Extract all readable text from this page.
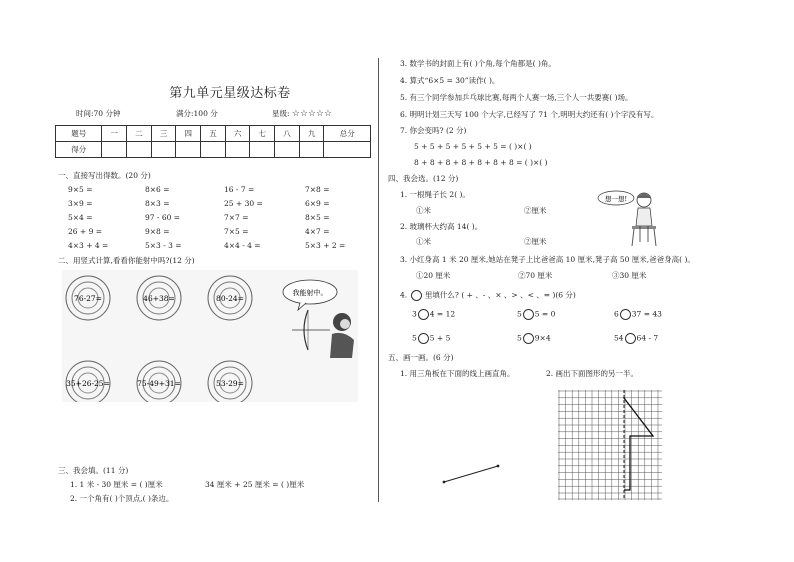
第九单元星级达标卷
时间:70 分钟	满分:100 分	星级: ☆☆☆☆☆
题号	一	二	三	四	五	六	七	八	九	总分
得分										
一、直接写出得数。(20 分)
9×5 =	8×6 =	16 - 7 =	7×8 =
3×9 =	8×3 =	25 + 30 =	6×9 =
5×4 =	97 - 60 =	7×7 =	8×5 =
26 + 9 =	9×8 =	7×5 =	4×7 =
4×3 + 4 =	5×3 - 3 =	4×4 - 4 =	5×3 + 2 =
二、用竖式计算,看看你能射中吗?(12 分)
76-27=	46+38=	80-24=
35+26-25=	75-49+31=	53-29=
我能射中。
三、我会填。(11 分)
1. 1 米 - 30 厘米 = ( )厘米	34 厘米 + 25 厘米 = ( )厘米
2. 一个角有( )个顶点,( )条边。
3. 数学书的封面上有( )个角,每个角都是( )角。
4. 算式“6×5 = 30”读作( )。
5. 有三个同学参加乒乓球比赛,每两个人赛一场,三个人一共要赛( )场。
6. 明明计划三天写 100 个大字,已经写了 71 个,明明大约还有( )个字没有写。
7. 你会变吗? (2 分)
5 + 5 + 5 + 5 + 5 + 5 = ( )×( )
8 + 8 + 8 + 8 + 8 + 8 + 8 = ( )×( )
四、我会选。(12 分)
1. 一根绳子长 2( )。
①米	②厘米
2. 玻璃杯大约高 14( )。
①米	②厘米
3. 小红身高 1 米 20 厘米,她站在凳子上比爸爸高 10 厘米,凳子高 50 厘米,爸爸身高( )。
①20 厘米	②70 厘米	③30 厘米
想一想!
4. 里填什么? ( + 、- 、× 、> 、< 、= )(6 分)
3 4 = 12	5 5 = 0	6 37 = 43
5 5 + 5	5 9×4	54 64 - 7
五、画一画。(6 分)
1. 用三角板在下面的线上画直角。	2. 画出下面图形的另一半。
